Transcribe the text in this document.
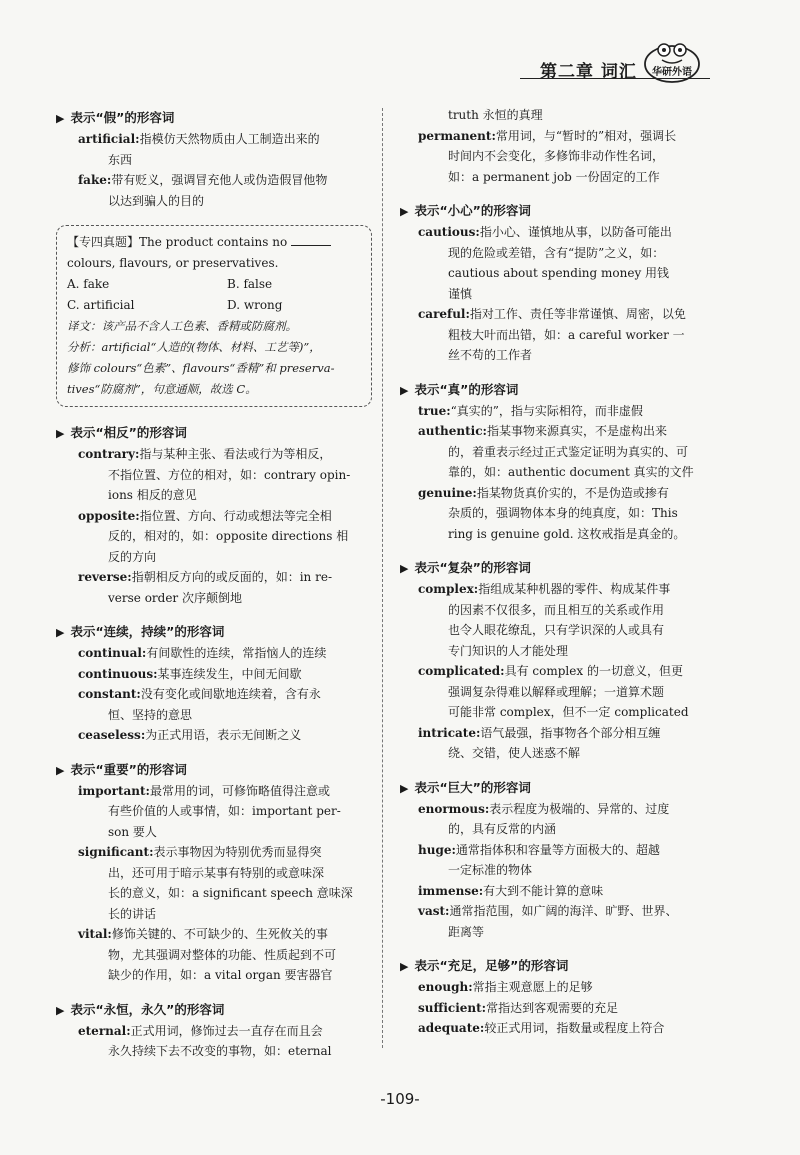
第二章 词汇	华研外语
▶ 表示“假”的形容词
artificial:指模仿天然物质由人工制造出来的
东西
fake:带有贬义，强调冒充他人或伪造假冒他物
以达到骗人的目的
【专四真题】The product contains no
colours, flavours, or preservatives.
A. fake	B. false
C. artificial	D. wrong
译文：该产品不含人工色素、香精或防腐剂。
分析：artificial“人造的(物体、材料、工艺等)”，
修饰 colours“色素”、flavours“香精”和 preserva-
tives“防腐剂”，句意通顺，故选 C。
▶ 表示“相反”的形容词
contrary:指与某种主张、看法或行为等相反，
不指位置、方位的相对，如：contrary opin-
ions 相反的意见
opposite:指位置、方向、行动或想法等完全相
反的，相对的，如：opposite directions 相
反的方向
reverse:指朝相反方向的或反面的，如：in re-
verse order 次序颠倒地
▶ 表示“连续，持续”的形容词
continual:有间歇性的连续，常指恼人的连续
continuous:某事连续发生，中间无间歇
constant:没有变化或间歇地连续着，含有永
恒、坚持的意思
ceaseless:为正式用语，表示无间断之义
▶ 表示“重要”的形容词
important:最常用的词，可修饰略值得注意或
有些价值的人或事情，如：important per-
son 要人
significant:表示事物因为特别优秀而显得突
出，还可用于暗示某事有特别的或意味深
长的意义，如：a significant speech 意味深
长的讲话
vital:修饰关键的、不可缺少的、生死攸关的事
物，尤其强调对整体的功能、性质起到不可
缺少的作用，如：a vital organ 要害器官
▶ 表示“永恒，永久”的形容词
eternal:正式用词，修饰过去一直存在而且会
永久持续下去不改变的事物，如：eternal
truth 永恒的真理
permanent:常用词，与“暂时的”相对，强调长
时间内不会变化，多修饰非动作性名词，
如：a permanent job 一份固定的工作
▶ 表示“小心”的形容词
cautious:指小心、谨慎地从事，以防备可能出
现的危险或差错，含有“提防”之义，如：
cautious about spending money 用钱
谨慎
careful:指对工作、责任等非常谨慎、周密，以免
粗枝大叶而出错，如：a careful worker 一
丝不苟的工作者
▶ 表示“真”的形容词
true:“真实的”，指与实际相符，而非虚假
authentic:指某事物来源真实，不是虚构出来
的，着重表示经过正式鉴定证明为真实的、可
靠的，如：authentic document 真实的文件
genuine:指某物货真价实的，不是伪造或掺有
杂质的，强调物体本身的纯真度，如：This
ring is genuine gold. 这枚戒指是真金的。
▶ 表示“复杂”的形容词
complex:指组成某种机器的零件、构成某件事
的因素不仅很多，而且相互的关系或作用
也令人眼花缭乱，只有学识深的人或具有
专门知识的人才能处理
complicated:具有 complex 的一切意义，但更
强调复杂得难以解释或理解；一道算术题
可能非常 complex，但不一定 complicated
intricate:语气最强，指事物各个部分相互缠
绕、交错，使人迷惑不解
▶ 表示“巨大”的形容词
enormous:表示程度为极端的、异常的、过度
的，具有反常的内涵
huge:通常指体积和容量等方面极大的、超越
一定标准的物体
immense:有大到不能计算的意味
vast:通常指范围，如广阔的海洋、旷野、世界、
距离等
▶ 表示“充足，足够”的形容词
enough:常指主观意愿上的足够
sufficient:常指达到客观需要的充足
adequate:较正式用词，指数量或程度上符合
-109-
